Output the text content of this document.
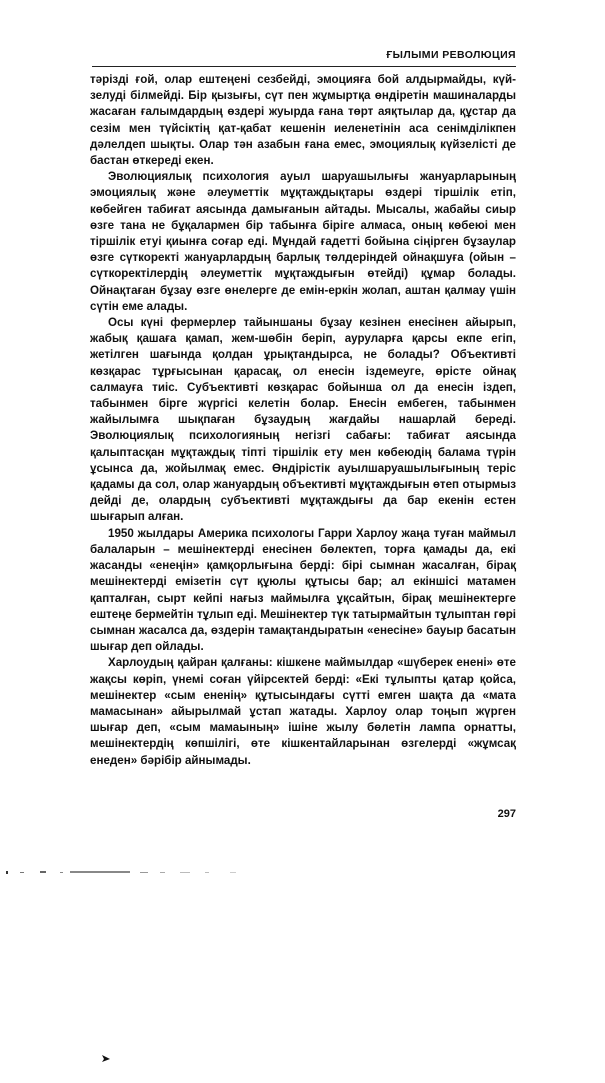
ҒЫЛЫМИ РЕВОЛЮЦИЯ

тәрізді ғой, олар ештеңені сезбейді, эмоцияға бой алдырмайды, күй-зелуді білмейді. Бір қызығы, сүт пен жұмыртқа өндіретін машиналарды жасаған ғалымдардың өздері жуырда ғана төрт аяқтылар да, құстар да сезім мен түйсіктің қат-қабат кешенін иеленетінін аса сенімділікпен дәлелдеп шықты. Олар тән азабын ғана емес, эмоциялық күйзелісті де бастан өткереді екен.

Эволюциялық психология ауыл шаруашылығы жануарларының эмоциялық және әлеуметтік мұқтаждықтары өздері тіршілік етіп, көбейген табиғат аясында дамығанын айтады. Мысалы, жабайы сиыр өзге тана не бұқалармен бір табынға біріге алмаса, оның көбеюі мен тіршілік етуі қиынға соғар еді. Мұндай ғадетті бойына сіңірген бұзаулар өзге сүткоректі жануарлардың барлық төлдеріндей ойнақшуға (ойын – сүткоректілердің әлеуметтік мұқтаждығын өтейді) құмар болады. Ойнақтаған бұзау өзге өнелерге де емін-еркін жолап, аштан қалмау үшін сүтін еме алады.

Осы күні фермерлер тайыншаны бұзау кезінен енесінен айырып, жабық қашаға қамап, жем-шөбін беріп, ауруларға қарсы екпе егіп, жетілген шағында қолдан ұрықтандырса, не болады? Объективті көзқарас тұрғысынан қарасақ, ол енесін іздемеуге, өрісте ойнақ салмауға тиіс. Субъективті көзқарас бойынша ол да енесін іздеп, табынмен бірге жүргісі келетін болар. Енесін ембеген, табынмен жайылымға шықпаған бұзаудың жағдайы нашарлай береді. Эволюциялық психологияның негізгі сабағы: табиғат аясында қалыптасқан мұқтаждық тіпті тіршілік ету мен көбеюдің балама түрін ұсынса да, жойылмақ емес. Өндірістік ауылшаруашылығының теріс қадамы да сол, олар жануардың объективті мұқтаждығын өтеп отырмыз дейді де, олардың субъективті мұқтаждығы да бар екенін естен шығарып алған.

1950 жылдары Америка психологы Гарри Харлоу жаңа туған маймыл балаларын – мешінектерді енесінен бөлектеп, торға қамады да, екі жасанды «енеңін» қамқорлығына берді: бірі сымнан жасалған, бірақ мешінектерді емізетін сүт құюлы құтысы бар; ал екіншісі матамен қапталған, сырт кейпі нағыз маймылға ұқсайтын, бірақ мешінектерге ештеңе бермейтін тұлып еді. Мешінектер түк татырмайтын тұлыптан гөрі сымнан жасалса да, өздерін тамақтандыратын «енесіне» бауыр басатын шығар деп ойлады.

Харлоудың қайран қалғаны: кішкене маймылдар «шүберек енені» өте жақсы көріп, үнемі соған үйірсектей берді: «Екі тұлыпты қатар қойса, мешінектер «сым ененің» құтысындағы сүтті емген шақта да «мата мамасынан» айырылмай ұстап жатады. Харлоу олар тоңып жүрген шығар деп, «сым мамаының» ішіне жылу бөлетін лампа орнатты, мешінектердің көпшілігі, өте кішкентайларынан өзгелерді «жұмсақ енеден» бәрібір айнымады.

297
